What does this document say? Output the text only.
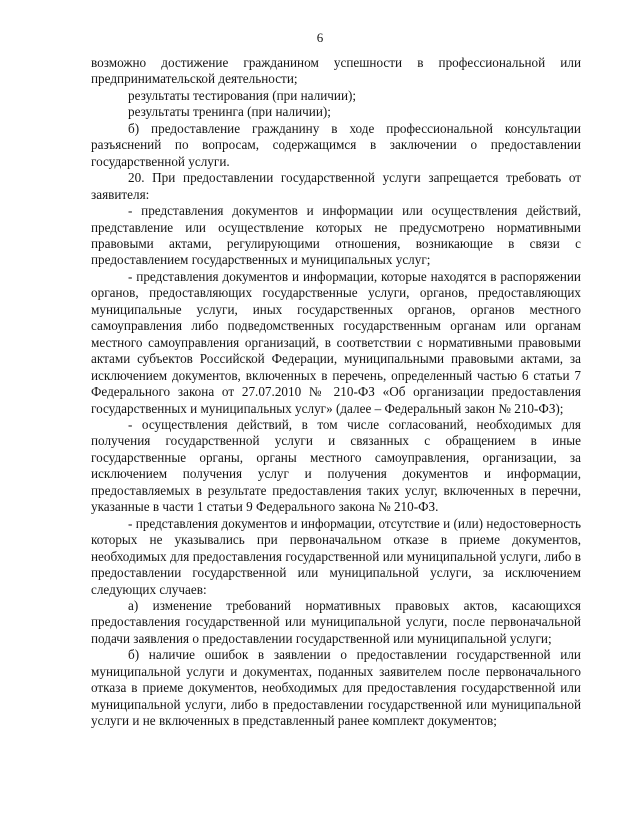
6

возможно достижение гражданином успешности в профессиональной или предпринимательской деятельности;

результаты тестирования (при наличии);

результаты тренинга (при наличии);

б) предоставление гражданину в ходе профессиональной консультации разъяснений по вопросам, содержащимся в заключении о предоставлении государственной услуги.

20. При предоставлении государственной услуги запрещается требовать от заявителя:

- представления документов и информации или осуществления действий, представление или осуществление которых не предусмотрено нормативными правовыми актами, регулирующими отношения, возникающие в связи с предоставлением государственных и муниципальных услуг;

- представления документов и информации, которые находятся в распоряжении органов, предоставляющих государственные услуги, органов, предоставляющих муниципальные услуги, иных государственных органов, органов местного самоуправления либо подведомственных государственным органам или органам местного самоуправления организаций, в соответствии с нормативными правовыми актами субъектов Российской Федерации, муниципальными правовыми актами, за исключением документов, включенных в перечень, определенный частью 6 статьи 7 Федерального закона от 27.07.2010 № 210-ФЗ «Об организации предоставления государственных и муниципальных услуг» (далее – Федеральный закон № 210-ФЗ);

- осуществления действий, в том числе согласований, необходимых для получения государственной услуги и связанных с обращением в иные государственные органы, органы местного самоуправления, организации, за исключением получения услуг и получения документов и информации, предоставляемых в результате предоставления таких услуг, включенных в перечни, указанные в части 1 статьи 9 Федерального закона № 210-ФЗ.

- представления документов и информации, отсутствие и (или) недостоверность которых не указывались при первоначальном отказе в приеме документов, необходимых для предоставления государственной или муниципальной услуги, либо в предоставлении государственной или муниципальной услуги, за исключением следующих случаев:

а) изменение требований нормативных правовых актов, касающихся предоставления государственной или муниципальной услуги, после первоначальной подачи заявления о предоставлении государственной или муниципальной услуги;

б) наличие ошибок в заявлении о предоставлении государственной или муниципальной услуги и документах, поданных заявителем после первоначального отказа в приеме документов, необходимых для предоставления государственной или муниципальной услуги, либо в предоставлении государственной или муниципальной услуги и не включенных в представленный ранее комплект документов;
